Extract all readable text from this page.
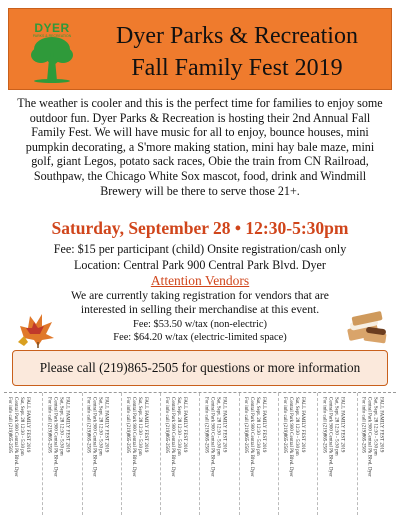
DYER
PARKS & RECREATION	Dyer Parks & Recreation
Fall Family Fest 2019
The weather is cooler and this is the perfect time for families to enjoy some outdoor fun. Dyer Parks & Recreation is hosting their 2nd Annual Fall Family Fest. We will have music for all to enjoy, bounce houses, mini pumpkin decorating, a S'more making station, mini hay bale maze, mini golf, giant Legos, potato sack races, Obie the train from CN Railroad, Southpaw, the Chicago White Sox mascot, food, drink and Windmill Brewery will be there to serve those 21+.
Saturday, September 28 • 12:30-5:30pm
Fee: $15 per participant (child) Onsite registration/cash only
Location: Central Park 900 Central Park Blvd. Dyer
Attention Vendors
We are currently taking registration for vendors that are interested in selling their merchandise at this event.
Fee: $53.50 w/tax (non-electric)
Fee: $64.20 w/tax (electric-limited space)
Please call (219)865-2505 for questions or more information
FALL FAMILY FEST 2019
Sat, Sept. 28 12:30 - 5:30 pm
Central Park 900 Central Pk Blvd. Dyer
For info call (219)865-2505	FALL FAMILY FEST 2019
Sat, Sept. 28 12:30 - 5:30 pm
Central Park 900 Central Pk Blvd. Dyer
For info call (219)865-2505	FALL FAMILY FEST 2019
Sat, Sept. 28 12:30 - 5:30 pm
Central Park 900 Central Pk Blvd. Dyer
For info call (219)865-2505	FALL FAMILY FEST 2019
Sat, Sept. 28 12:30 - 5:30 pm
Central Park 900 Central Pk Blvd. Dyer
For info call (219)865-2505	FALL FAMILY FEST 2019
Sat, Sept. 28 12:30 - 5:30 pm
Central Park 900 Central Pk Blvd. Dyer
For info call (219)865-2505	FALL FAMILY FEST 2019
Sat, Sept. 28 12:30 - 5:30 pm
Central Park 900 Central Pk Blvd. Dyer
For info call (219)865-2505	FALL FAMILY FEST 2019
Sat, Sept. 28 12:30 - 5:30 pm
Central Park 900 Central Pk Blvd. Dyer
For info call (219)865-2505	FALL FAMILY FEST 2019
Sat, Sept. 28 12:30 - 5:30 pm
Central Park 900 Central Pk Blvd. Dyer
For info call (219)865-2505	FALL FAMILY FEST 2019
Sat, Sept. 28 12:30 - 5:30 pm
Central Park 900 Central Pk Blvd. Dyer
For info call (219)865-2505	FALL FAMILY FEST 2019
Sat, Sept. 28 12:30 - 5:30 pm
Central Park 900 Central Pk Blvd. Dyer
For info call (219)865-2505
